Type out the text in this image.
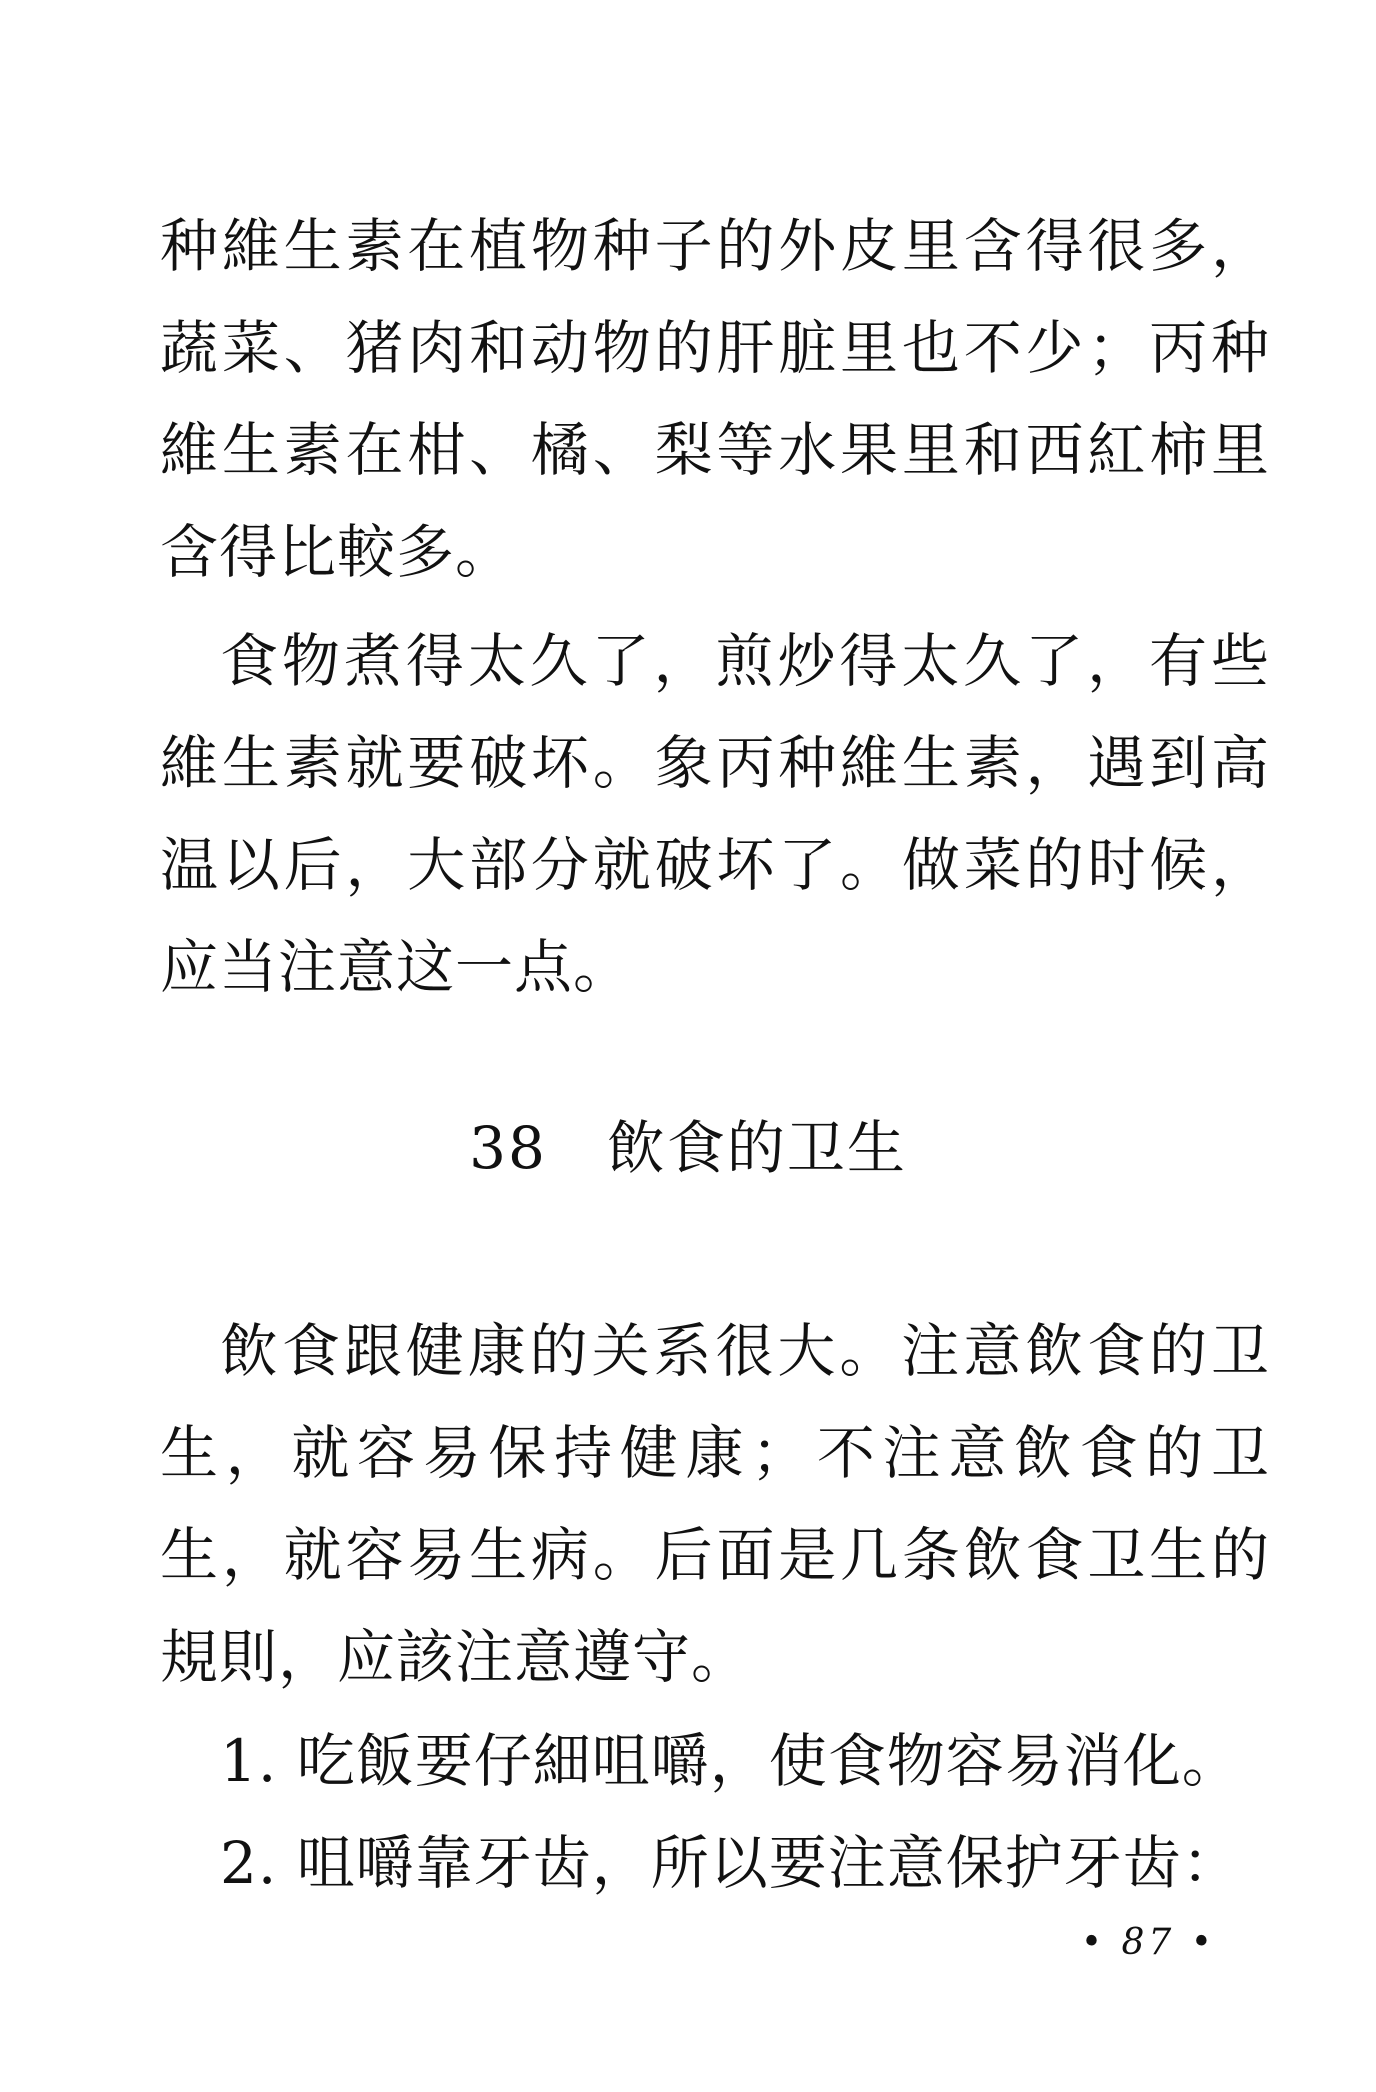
种維生素在植物种子的外皮里含得很多，蔬菜、猪肉和动物的肝脏里也不少；丙种維生素在柑、橘、梨等水果里和西紅柿里含得比較多。

食物煮得太久了，煎炒得太久了，有些維生素就要破坏。象丙种維生素，遇到高温以后，大部分就破坏了。做菜的时候，应当注意这一点。

38 飲食的卫生

飲食跟健康的关系很大。注意飲食的卫生，就容易保持健康；不注意飲食的卫生，就容易生病。后面是几条飲食卫生的規則，应該注意遵守。

1. 吃飯要仔細咀嚼，使食物容易消化。

2. 咀嚼靠牙齿，所以要注意保护牙齿：

• 87 •
